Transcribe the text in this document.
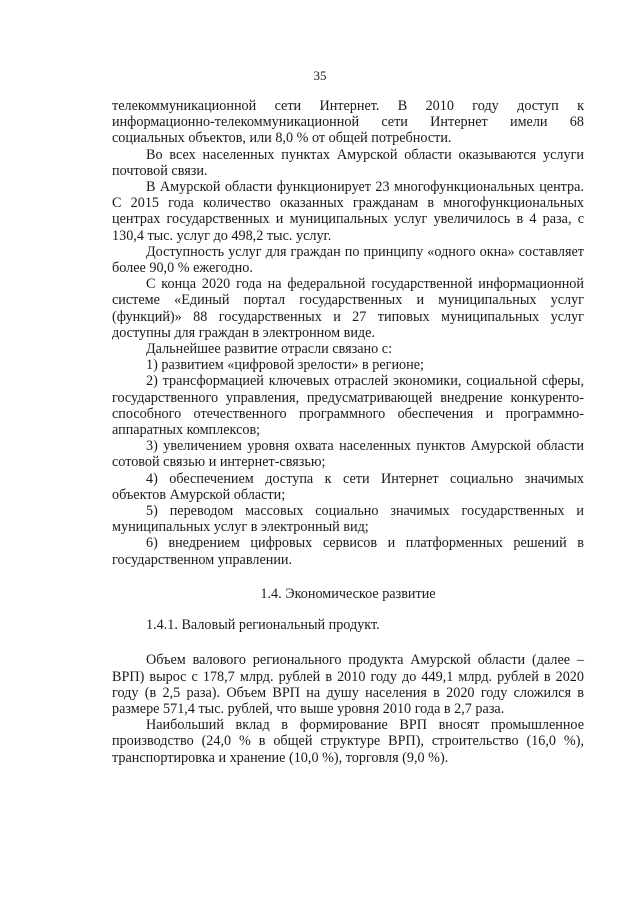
35

телекоммуникационной сети Интернет. В 2010 году доступ к информационно-телекоммуникационной сети Интернет имели 68 социальных объектов, или 8,0 % от общей потребности.

Во всех населенных пунктах Амурской области оказываются услуги почтовой связи.

В Амурской области функционирует 23 многофункциональных центра. С 2015 года количество оказанных гражданам в многофункциональных центрах государственных и муниципальных услуг увеличилось в 4 раза, с 130,4 тыс. услуг до 498,2 тыс. услуг.

Доступность услуг для граждан по принципу «одного окна» составляет более 90,0 % ежегодно.

С конца 2020 года на федеральной государственной информационной системе «Единый портал государственных и муниципальных услуг (функций)» 88 государственных и 27 типовых муниципальных услуг доступны для граждан в электронном виде.

Дальнейшее развитие отрасли связано с:

1) развитием «цифровой зрелости» в регионе;

2) трансформацией ключевых отраслей экономики, социальной сферы, государственного управления, предусматривающей внедрение конкуренто-способного отечественного программного обеспечения и программно-аппаратных комплексов;

3) увеличением уровня охвата населенных пунктов Амурской области сотовой связью и интернет-связью;

4) обеспечением доступа к сети Интернет социально значимых объектов Амурской области;

5) переводом массовых социально значимых государственных и муниципальных услуг в электронный вид;

6) внедрением цифровых сервисов и платформенных решений в государственном управлении.

1.4. Экономическое развитие

1.4.1. Валовый региональный продукт.

Объем валового регионального продукта Амурской области (далее – ВРП) вырос с 178,7 млрд. рублей в 2010 году до 449,1 млрд. рублей в 2020 году (в 2,5 раза). Объем ВРП на душу населения в 2020 году сложился в размере 571,4 тыс. рублей, что выше уровня 2010 года в 2,7 раза.

Наибольший вклад в формирование ВРП вносят промышленное производство (24,0 % в общей структуре ВРП), строительство (16,0 %), транспортировка и хранение (10,0 %), торговля (9,0 %).
